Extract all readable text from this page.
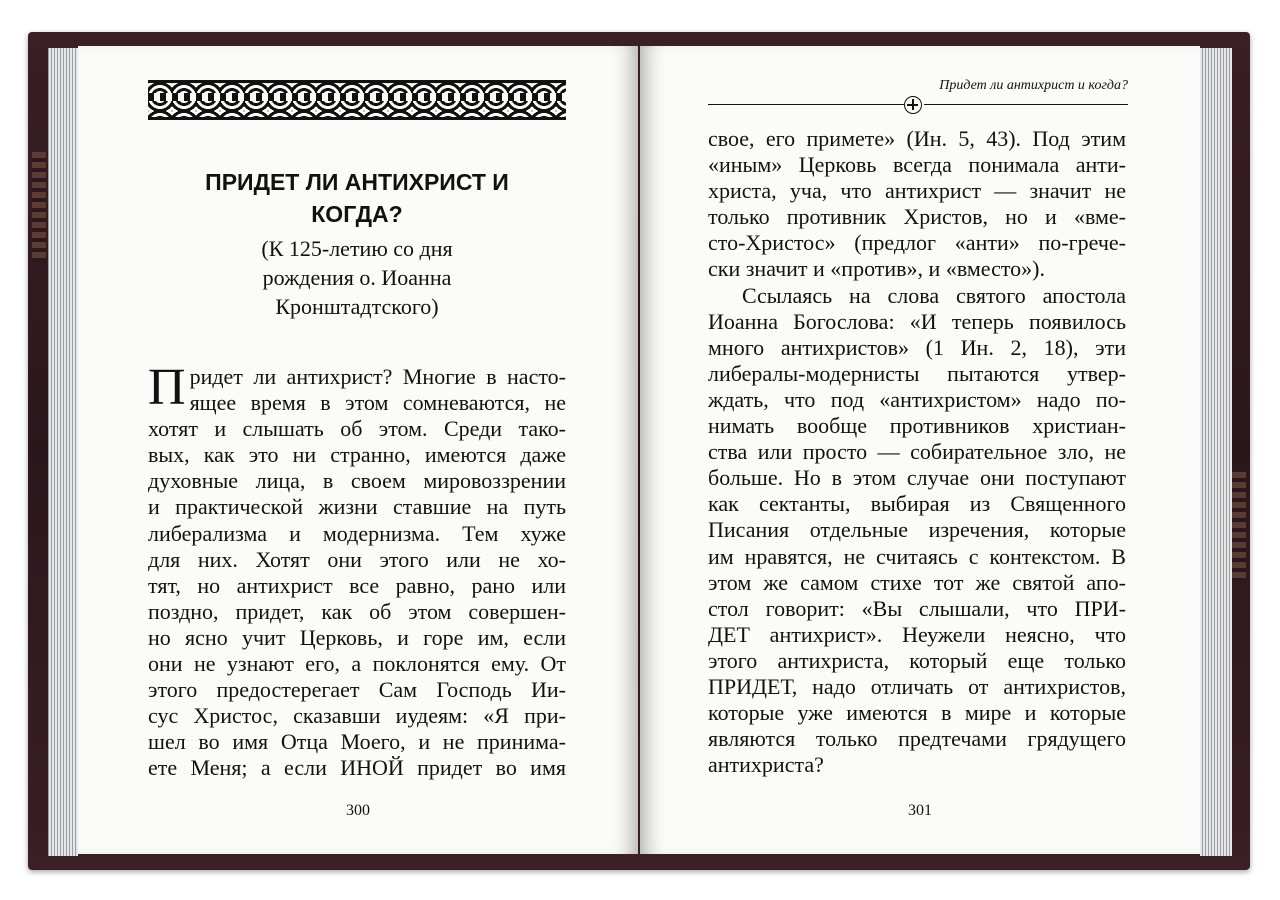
ПРИДЕТ ЛИ АНТИХРИСТ И
КОГДА?

(К 125-летию со дня
рождения о. Иоанна
Кронштадтского)

П ридет ли антихрист? Многие в насто-
ящее время в этом сомневаются, не
хотят и слышать об этом. Среди тако-
вых, как это ни странно, имеются даже
духовные лица, в своем мировоззрении
и практической жизни ставшие на путь
либерализма и модернизма. Тем хуже
для них. Хотят они этого или не хо-
тят, но антихрист все равно, рано или
поздно, придет, как об этом совершен-
но ясно учит Церковь, и горе им, если
они не узнают его, а поклонятся ему. От
этого предостерегает Сам Господь Ии-
сус Христос, сказавши иудеям: «Я при-
шел во имя Отца Моего, и не принима-
ете Меня; а если ИНОЙ придет во имя
300
Придет ли антихрист и когда?
свое, его примете» (Ин. 5, 43). Под этим
«иным» Церковь всегда понимала анти-
христа, уча, что антихрист — значит не
только противник Христов, но и «вме-
сто-Христос» (предлог «анти» по-грече-
ски значит и «против», и «вместо»).
Ссылаясь на слова святого апостола
Иоанна Богослова: «И теперь появилось
много антихристов» (1 Ин. 2, 18), эти
либералы-модернисты пытаются утвер-
ждать, что под «антихристом» надо по-
нимать вообще противников христиан-
ства или просто — собирательное зло, не
больше. Но в этом случае они поступают
как сектанты, выбирая из Священного
Писания отдельные изречения, которые
им нравятся, не считаясь с контекстом. В
этом же самом стихе тот же святой апо-
стол говорит: «Вы слышали, что ПРИ-
ДЕТ антихрист». Неужели неясно, что
этого антихриста, который еще только
ПРИДЕТ, надо отличать от антихристов,
которые уже имеются в мире и которые
являются только предтечами грядущего
антихриста?
301
